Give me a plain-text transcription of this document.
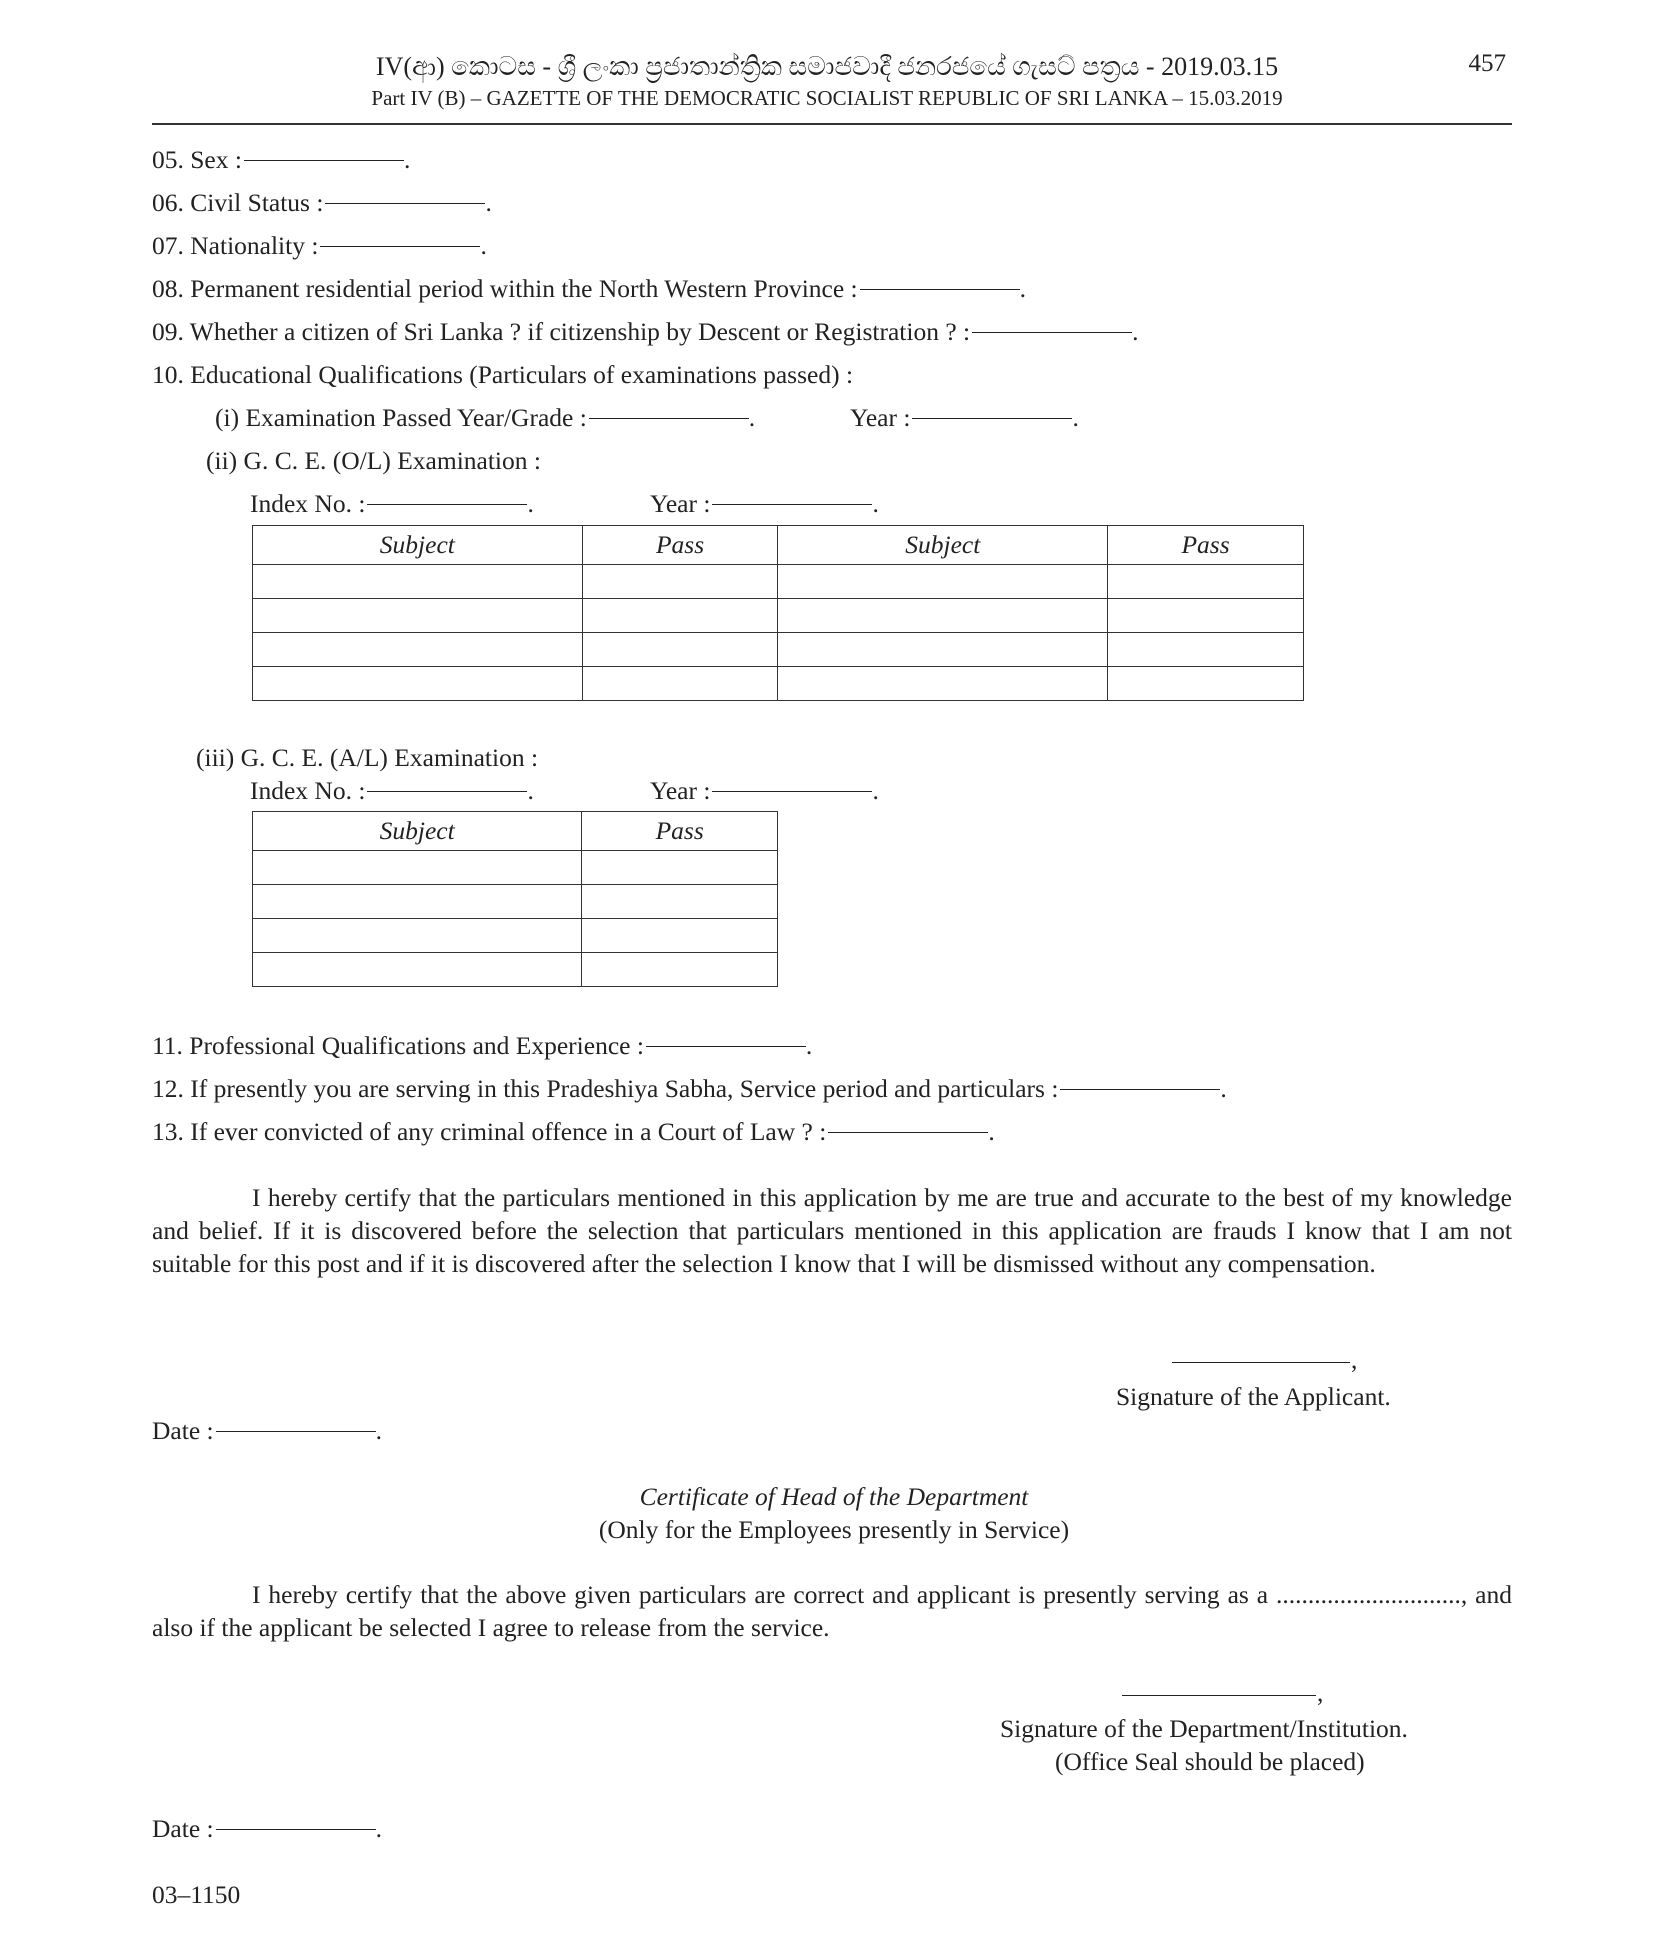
IV(ආ) කොටස - ශ්‍රී ලංකා ප්‍රජාතාන්ත්‍රික සමාජවාදී ජනරජයේ ගැසට් පත්‍රය - 2019.03.15
Part IV (B) – GAZETTE OF THE DEMOCRATIC SOCIALIST REPUBLIC OF SRI LANKA – 15.03.2019
457
05. Sex :	.
06. Civil Status :	.
07. Nationality :	.
08. Permanent residential period within the North Western Province :	.
09. Whether a citizen of Sri Lanka ? if citizenship by Descent or Registration ? :	.
10. Educational Qualifications (Particulars of examinations passed) :
(i) Examination Passed Year/Grade :	.	Year :	.
(ii) G. C. E. (O/L) Examination :
Index No. :	.	Year :	.
Subject	Pass	Subject	Pass

(iii) G. C. E. (A/L) Examination :
Index No. :	.	Year :	.
Subject	Pass

11. Professional Qualifications and Experience :	.
12. If presently you are serving in this Pradeshiya Sabha, Service period and particulars :	.
13. If ever convicted of any criminal offence in a Court of Law ? :	.
I hereby certify that the particulars mentioned in this application by me are true and accurate to the best of my knowledge and belief. If it is discovered before the selection that particulars mentioned in this application are frauds I know that I am not suitable for this post and if it is discovered after the selection I know that I will be dismissed without any compensation.
,
Signature of the Applicant.
Date :	.
Certificate of Head of the Department
(Only for the Employees presently in Service)
I hereby certify that the above given particulars are correct and applicant is presently serving as a ............................., and also if the applicant be selected I agree to release from the service.
,
Signature of the Department/Institution.
(Office Seal should be placed)
Date :	.
03–1150
